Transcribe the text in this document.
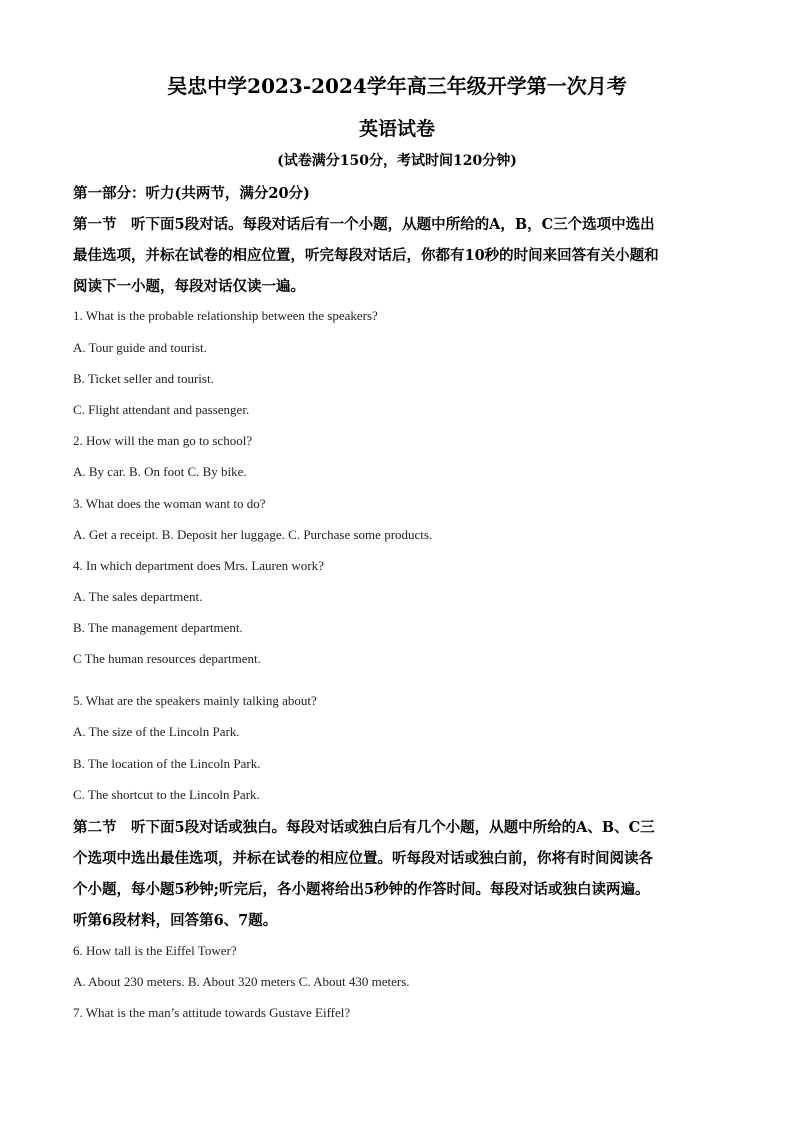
吴忠中学2023-2024学年高三年级开学第一次月考
英语试卷
(试卷满分150分，考试时间120分钟)
第一部分：听力(共两节，满分20分)
第一节　听下面5段对话。每段对话后有一个小题，从题中所给的A，B，C三个选项中选出
最佳选项，并标在试卷的相应位置，听完每段对话后，你都有10秒的时间来回答有关小题和
阅读下一小题，每段对话仅读一遍。
1. What is the probable relationship between the speakers?
A. Tour guide and tourist.
B. Ticket seller and tourist.
C. Flight attendant and passenger.
2. How will the man go to school?
A. By car. B. On foot C. By bike.
3. What does the woman want to do?
A. Get a receipt. B. Deposit her luggage. C. Purchase some products.
4. In which department does Mrs. Lauren work?
A. The sales department.
B. The management department.
C The human resources department.
5. What are the speakers mainly talking about?
A. The size of the Lincoln Park.
B. The location of the Lincoln Park.
C. The shortcut to the Lincoln Park.
第二节　听下面5段对话或独白。每段对话或独白后有几个小题，从题中所给的A、B、C三
个选项中选出最佳选项，并标在试卷的相应位置。听每段对话或独白前，你将有时间阅读各
个小题，每小题5秒钟;听完后，各小题将给出5秒钟的作答时间。每段对话或独白读两遍。
听第6段材料，回答第6、7题。
6. How tall is the Eiffel Tower?
A. About 230 meters. B. About 320 meters C. About 430 meters.
7. What is the man’s attitude towards Gustave Eiffel?
